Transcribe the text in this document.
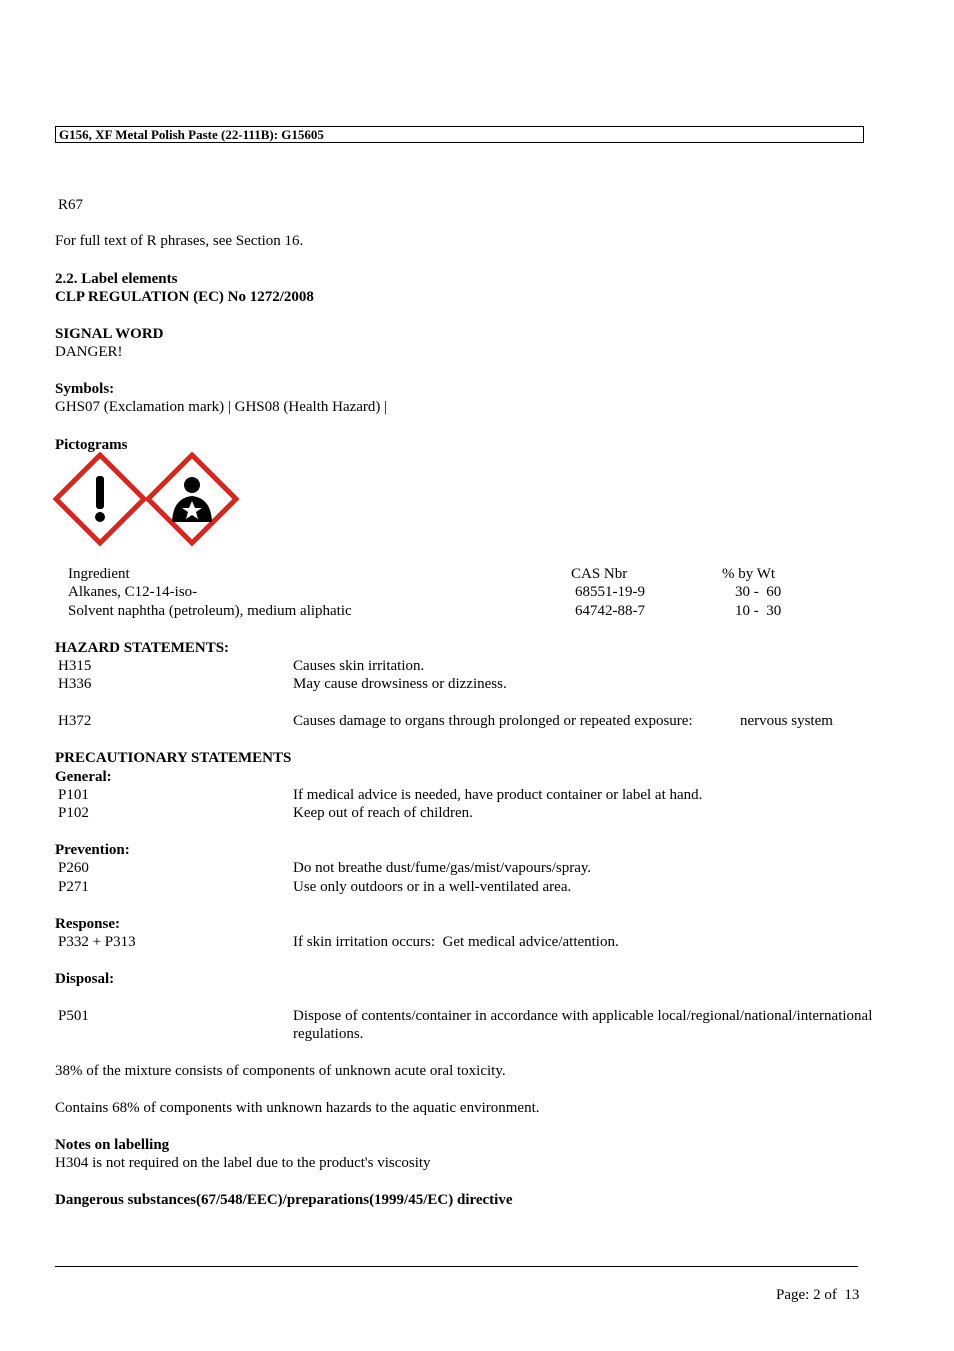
G156, XF Metal Polish Paste (22-111B): G15605
R67
For full text of R phrases, see Section 16.
2.2. Label elements
CLP REGULATION (EC) No 1272/2008
SIGNAL WORD
DANGER!
Symbols:
GHS07 (Exclamation mark) | GHS08 (Health Hazard) |
Pictograms
Ingredient	CAS Nbr	% by Wt
Alkanes, C12-14-iso-	68551-19-9	30 -  60
Solvent naphtha (petroleum), medium aliphatic	64742-88-7	10 -  30
HAZARD STATEMENTS:
H315	Causes skin irritation.
H336	May cause drowsiness or dizziness.
H372	Causes damage to organs through prolonged or repeated exposure:	nervous system
PRECAUTIONARY STATEMENTS
General:
P101	If medical advice is needed, have product container or label at hand.
P102	Keep out of reach of children.
Prevention:
P260	Do not breathe dust/fume/gas/mist/vapours/spray.
P271	Use only outdoors or in a well-ventilated area.
Response:
P332 + P313	If skin irritation occurs:  Get medical advice/attention.
Disposal:
P501	Dispose of contents/container in accordance with applicable local/regional/national/international regulations.
38% of the mixture consists of components of unknown acute oral toxicity.
Contains 68% of components with unknown hazards to the aquatic environment.
Notes on labelling
H304 is not required on the label due to the product's viscosity
Dangerous substances(67/548/EEC)/preparations(1999/45/EC) directive
Page: 2 of  13
